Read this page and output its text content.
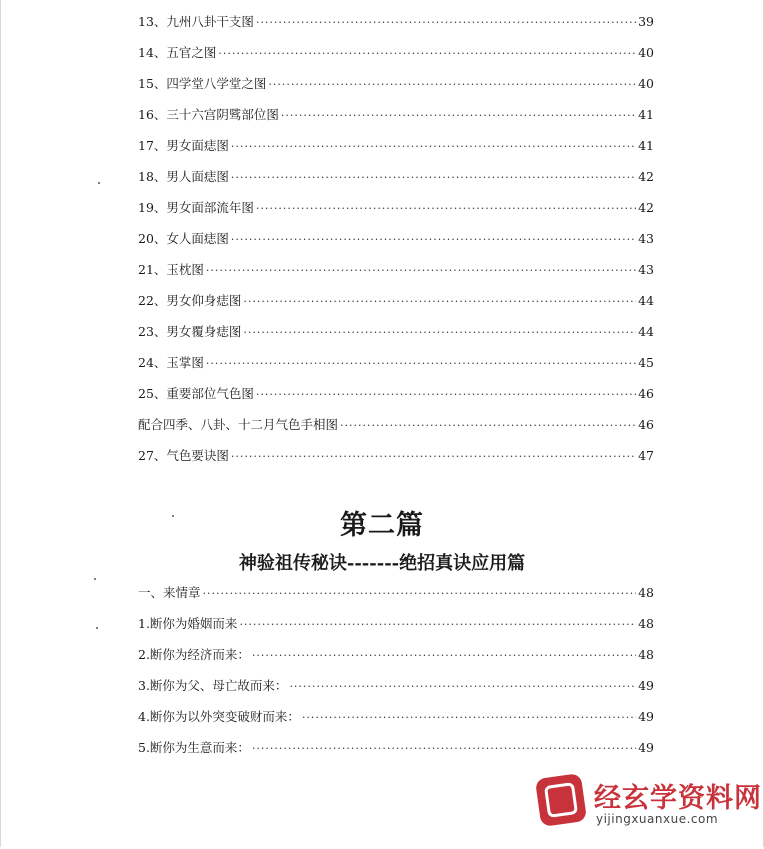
13、九州八卦干支图 ·····	39
14、五官之图 ·····	40
15、四学堂八学堂之图 ·····	40
16、三十六宫阴骘部位图 ·····	41
17、男女面痣图 ·····	41
18、男人面痣图 ·····	42
19、男女面部流年图 ·····	42
20、女人面痣图 ·····	43
21、玉枕图 ·····	43
22、男女仰身痣图 ·····	44
23、男女覆身痣图 ·····	44
24、玉掌图 ·····	45
25、重要部位气色图 ·····	46
配合四季、八卦、十二月气色手相图 ·····	46
27、气色要诀图 ·····	47
第二篇
神验祖传秘诀-------绝招真诀应用篇
一、来情章 ·····	48
1.断你为婚姻而来 ·····	48
2.断你为经济而来： ·····	48
3.断你为父、母亡故而来： ·····	49
4.断你为以外突变破财而来： ·····	49
5.断你为生意而来： ·····	49
经玄学资料网
yijingxuanxue.com
